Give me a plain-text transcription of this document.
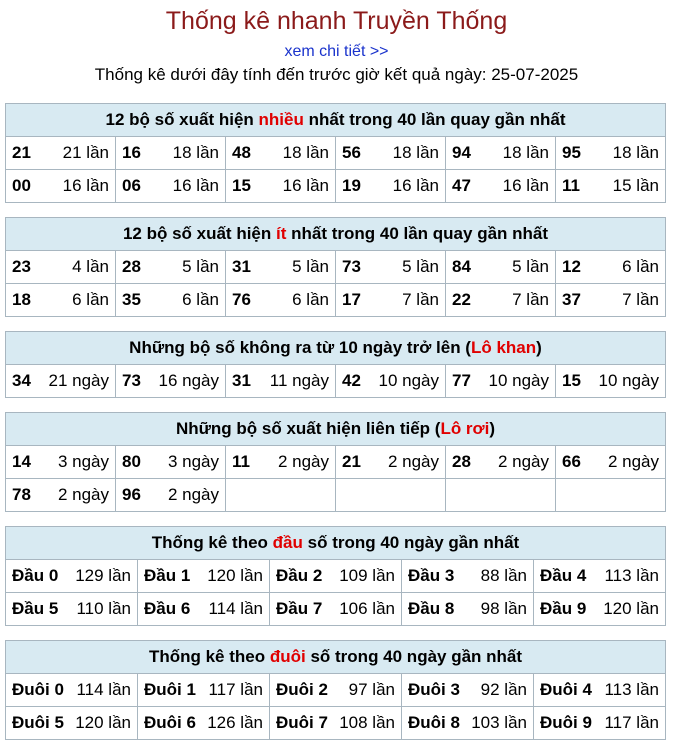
Thống kê nhanh Truyền Thống
xem chi tiết >>
Thống kê dưới đây tính đến trước giờ kết quả ngày: 25-07-2025
12 bộ số xuất hiện nhiều nhất trong 40 lần quay gần nhất					

21 21 lần	16 18 lần	48 18 lần	56 18 lần	94 18 lần	95 18 lần

00 16 lần	06 16 lần	15 16 lần	19 16 lần	47 16 lần	11 15 lần
12 bộ số xuất hiện ít nhất trong 40 lần quay gần nhất					

23 4 lần	28 5 lần	31 5 lần	73 5 lần	84 5 lần	12 6 lần

18 6 lần	35 6 lần	76 6 lần	17 7 lần	22 7 lần	37 7 lần
Những bộ số không ra từ 10 ngày trở lên (Lô khan)

34 21 ngày	73 16 ngày	31 11 ngày	42 10 ngày	77 10 ngày	15 10 ngày
Những bộ số xuất hiện liên tiếp (Lô rơi)					

14 3 ngày	80 3 ngày	11 2 ngày	21 2 ngày	28 2 ngày	66 2 ngày

78 2 ngày	96 2 ngày				

Thống kê theo đầu số trong 40 ngày gần nhất				

Đầu 0 129 lần	Đầu 1 120 lần	Đầu 2 109 lần	Đầu 3 88 lần	Đầu 4 113 lần

Đầu 5 110 lần	Đầu 6 114 lần	Đầu 7 106 lần	Đầu 8 98 lần	Đầu 9 120 lần
Thống kê theo đuôi số trong 40 ngày gần nhất				

Đuôi 0 114 lần	Đuôi 1 117 lần	Đuôi 2 97 lần	Đuôi 3 92 lần	Đuôi 4 113 lần

Đuôi 5 120 lần	Đuôi 6 126 lần	Đuôi 7 108 lần	Đuôi 8 103 lần	Đuôi 9 117 lần
